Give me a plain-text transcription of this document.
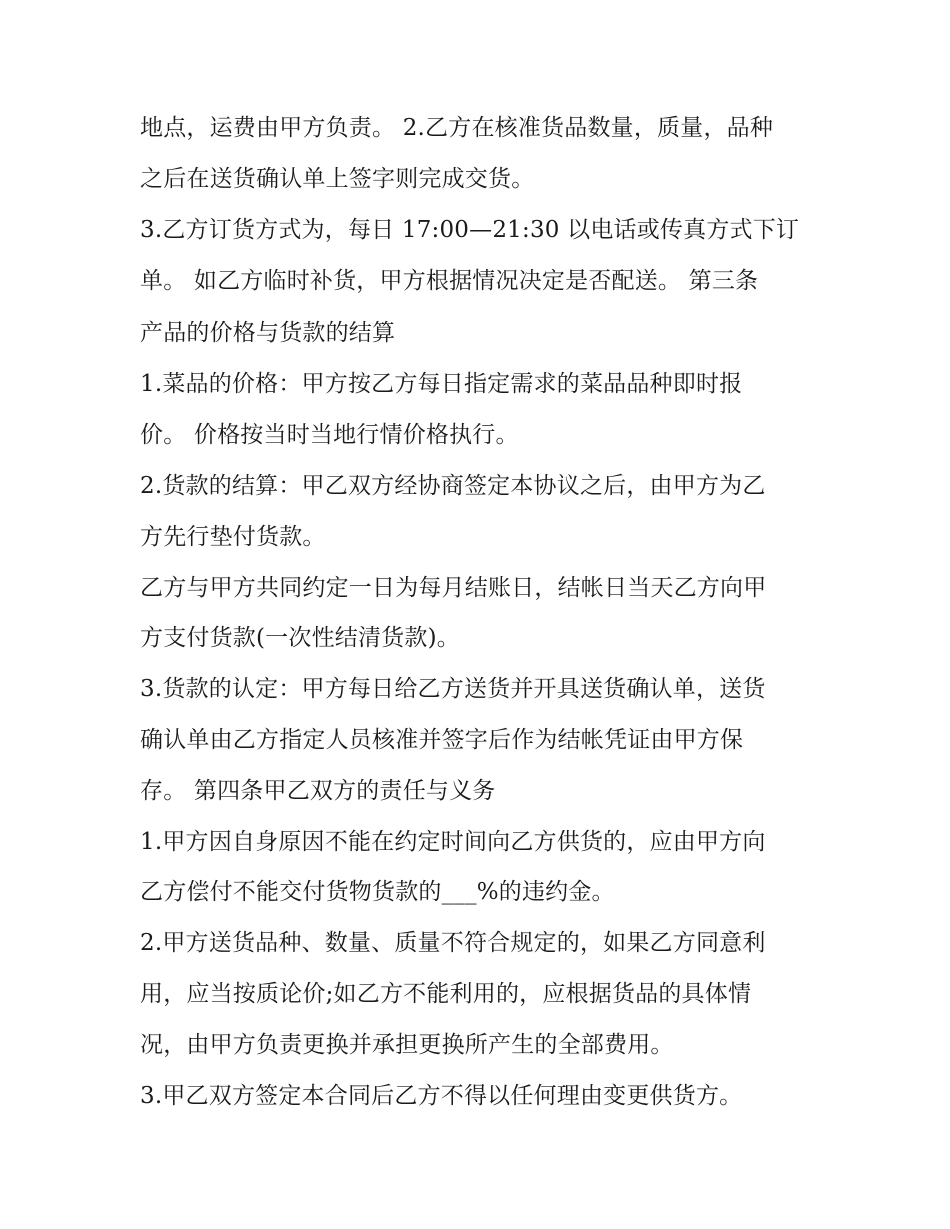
地点，运费由甲方负责。 2.乙方在核准货品数量，质量，品种
之后在送货确认单上签字则完成交货。
3.乙方订货方式为，每日 17:00—21:30 以电话或传真方式下订
单。 如乙方临时补货，甲方根据情况决定是否配送。 第三条
产品的价格与货款的结算
1.菜品的价格：甲方按乙方每日指定需求的菜品品种即时报
价。 价格按当时当地行情价格执行。
2.货款的结算：甲乙双方经协商签定本协议之后，由甲方为乙
方先行垫付货款。
乙方与甲方共同约定一日为每月结账日，结帐日当天乙方向甲
方支付货款(一次性结清货款)。
3.货款的认定：甲方每日给乙方送货并开具送货确认单，送货
确认单由乙方指定人员核准并签字后作为结帐凭证由甲方保
存。 第四条甲乙双方的责任与义务
1.甲方因自身原因不能在约定时间向乙方供货的，应由甲方向
乙方偿付不能交付货物货款的___%的违约金。
2.甲方送货品种、数量、质量不符合规定的，如果乙方同意利
用，应当按质论价;如乙方不能利用的，应根据货品的具体情
况，由甲方负责更换并承担更换所产生的全部费用。
3.甲乙双方签定本合同后乙方不得以任何理由变更供货方。
